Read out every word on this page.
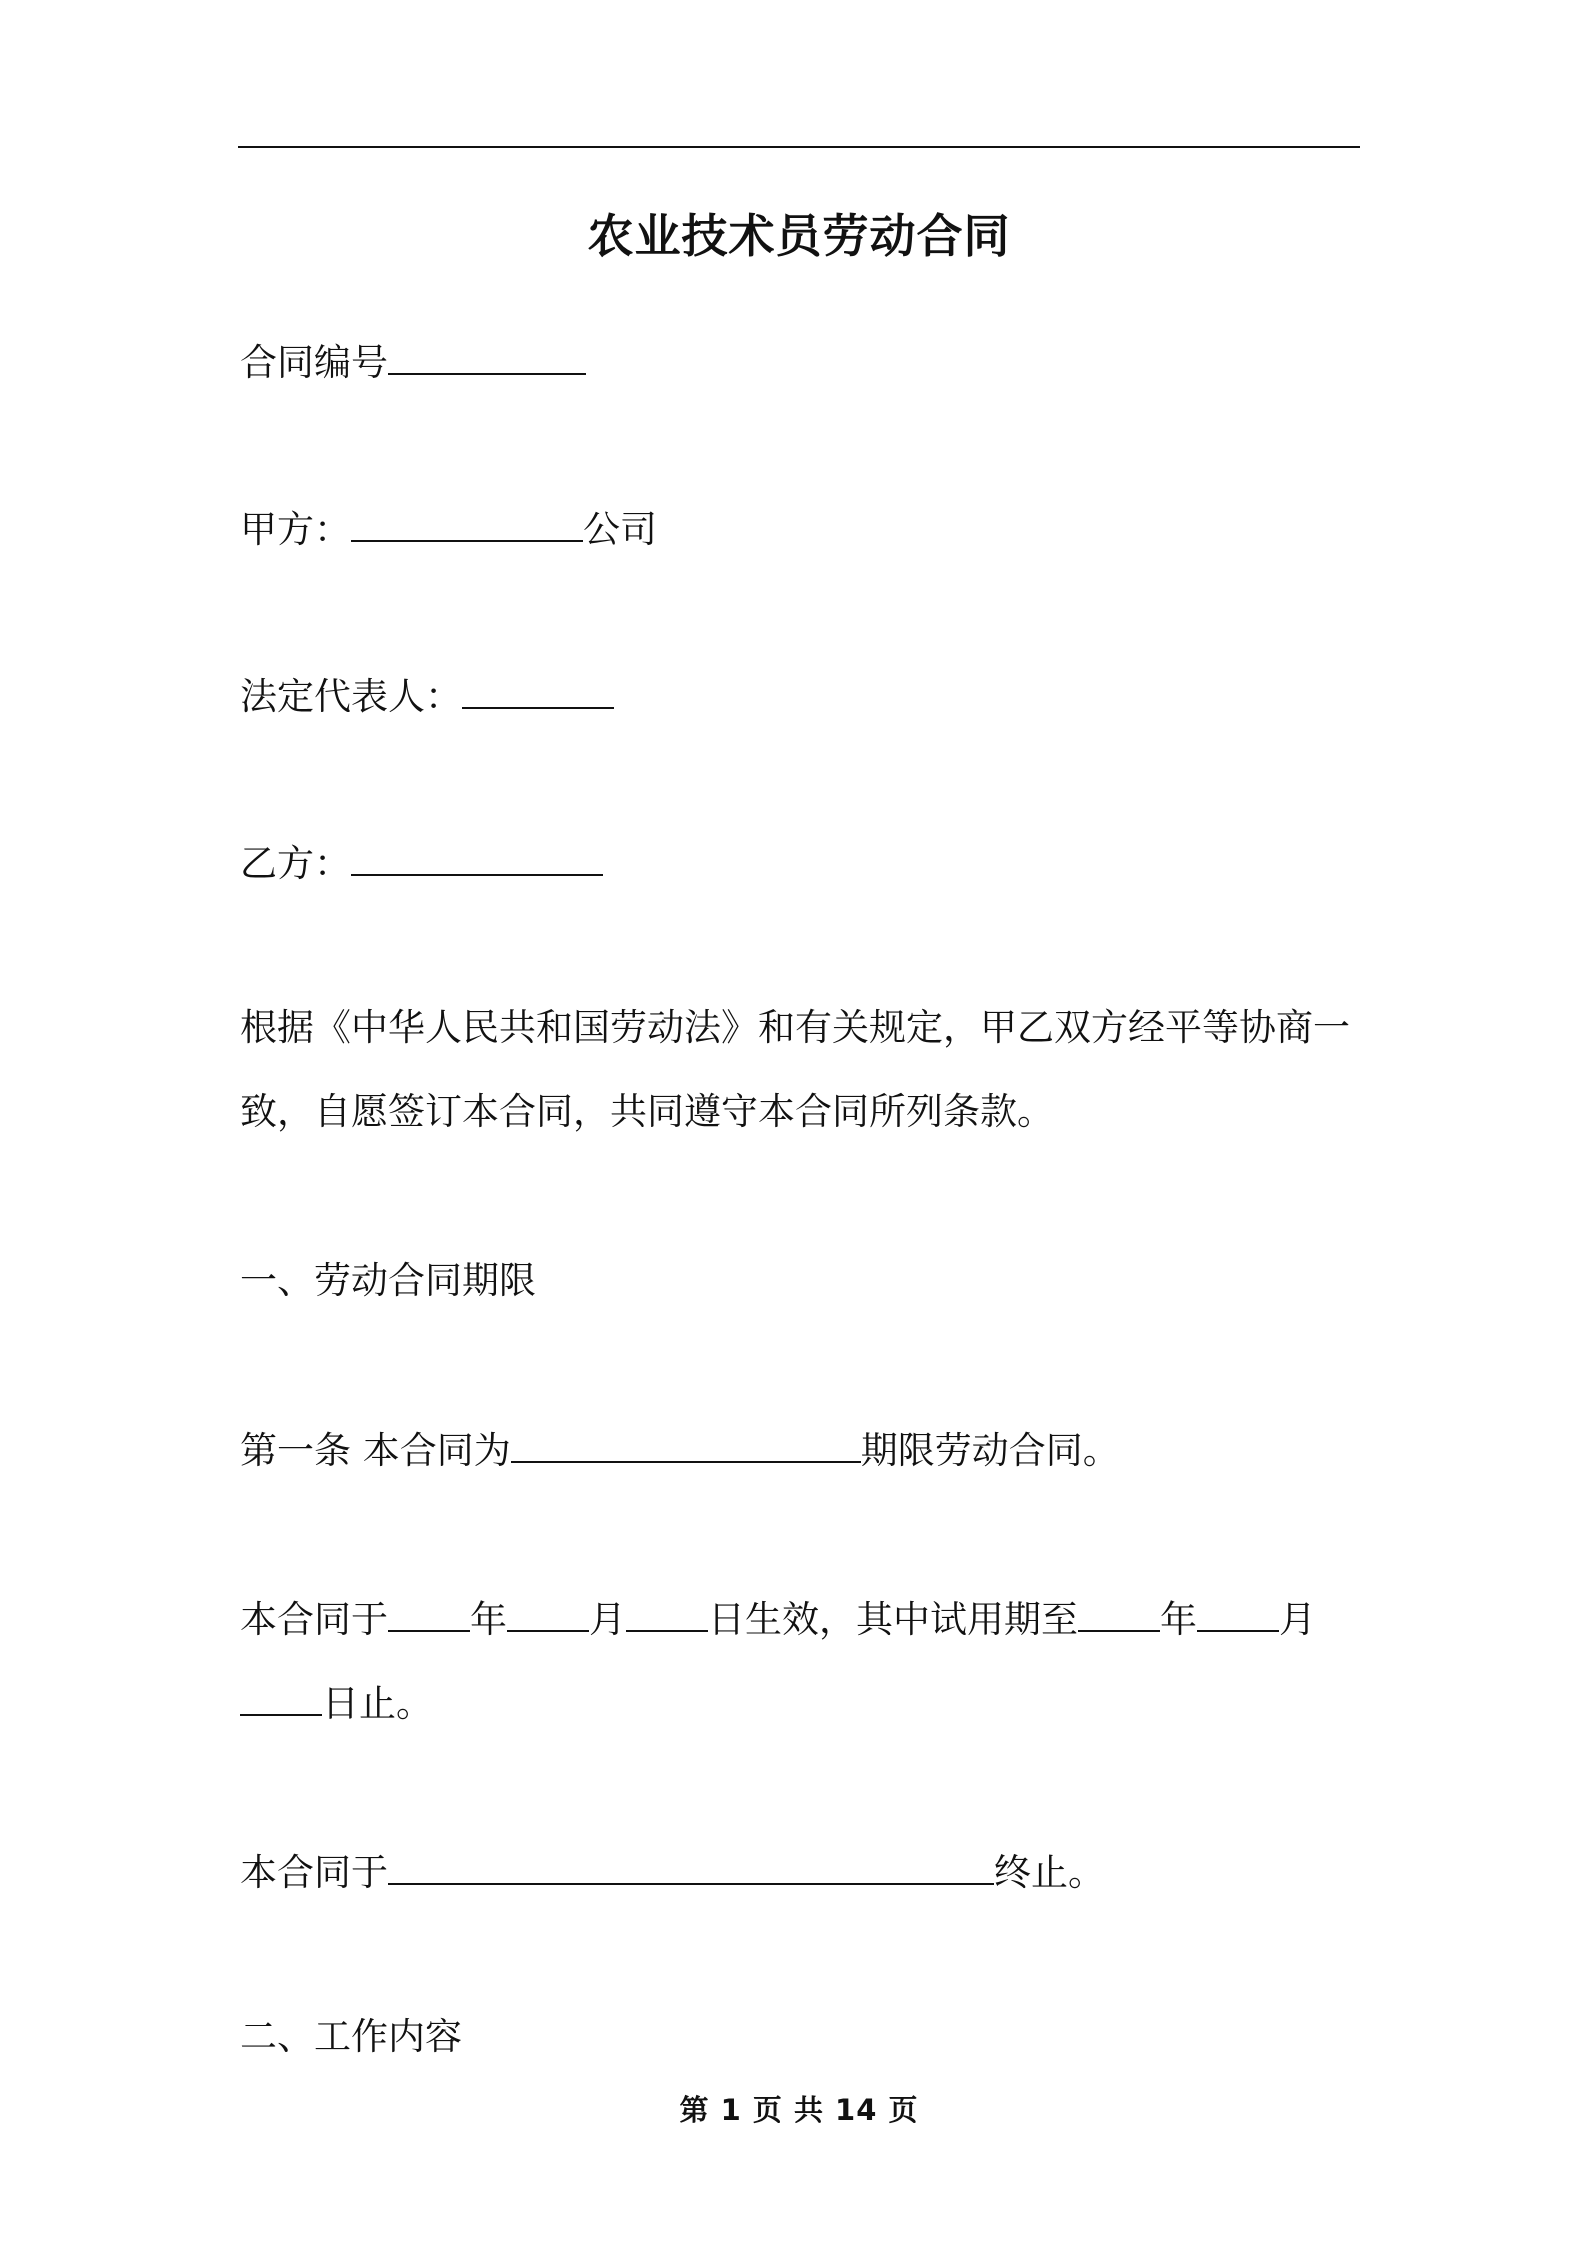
农业技术员劳动合同
合同编号
甲方：	公司
法定代表人：
乙方：
根据《中华人民共和国劳动法》和有关规定，甲乙双方经平等协商一
致，自愿签订本合同，共同遵守本合同所列条款。
一、劳动合同期限
第一条 本合同为	期限劳动合同。
本合同于 年 月 日生效，其中试用期至 年 月
日止。
本合同于	终止。
二、工作内容
第 1 页 共 14 页
